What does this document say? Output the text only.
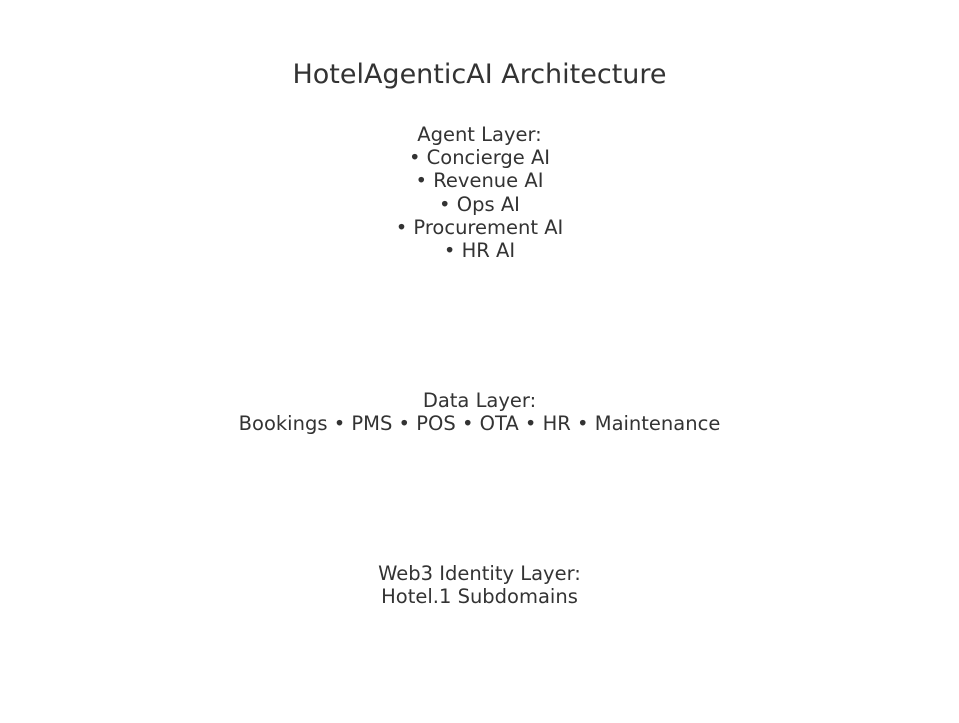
HotelAgenticAI Architecture
Agent Layer:
• Concierge AI
• Revenue AI
• Ops AI
• Procurement AI
• HR AI
Data Layer:
Bookings • PMS • POS • OTA • HR • Maintenance
Web3 Identity Layer:
Hotel.1 Subdomains
